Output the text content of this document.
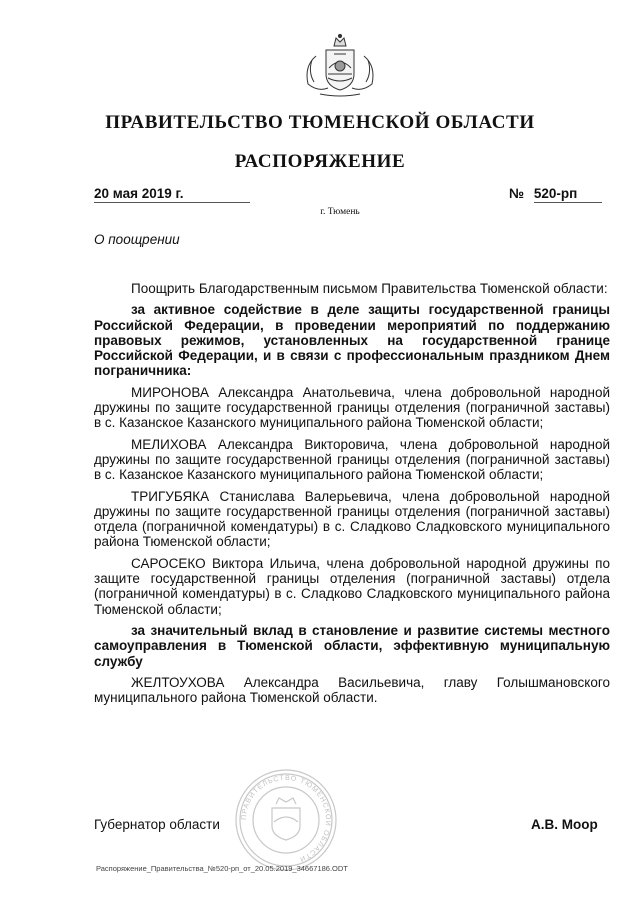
ПРАВИТЕЛЬСТВО ТЮМЕНСКОЙ ОБЛАСТИ
РАСПОРЯЖЕНИЕ
20 мая 2019 г.	№ 520-рп
г. Тюмень
О поощрении

Поощрить Благодарственным письмом Правительства Тюменской области:

за активное содействие в деле защиты государственной границы Российской Федерации, в проведении мероприятий по поддержанию правовых режимов, установленных на государственной границе Российской Федерации, и в связи с профессиональным праздником Днем пограничника:

МИРОНОВА Александра Анатольевича, члена добровольной народной дружины по защите государственной границы отделения (пограничной заставы) в с. Казанское Казанского муниципального района Тюменской области;

МЕЛИХОВА Александра Викторовича, члена добровольной народной дружины по защите государственной границы отделения (пограничной заставы) в с. Казанское Казанского муниципального района Тюменской области;

ТРИГУБЯКА Станислава Валерьевича, члена добровольной народной дружины по защите государственной границы отделения (пограничной заставы) отдела (пограничной комендатуры) в с. Сладково Сладковского муниципального района Тюменской области;

САРОСЕКО Виктора Ильича, члена добровольной народной дружины по защите государственной границы отделения (пограничной заставы) отдела (пограничной комендатуры) в с. Сладково Сладковского муниципального района Тюменской области;

за значительный вклад в становление и развитие системы местного самоуправления в Тюменской области, эффективную муниципальную службу

ЖЕЛТОУХОВА Александра Васильевича, главу Голышмановского муниципального района Тюменской области.

ПРАВИТЕЛЬСТВО ТЮМЕНСКОЙ ОБЛАСТИ
Губернатор области	А.В. Моор
Распоряжение_Правительства_№520-рп_от_20.05.2019_34667186.ODT
